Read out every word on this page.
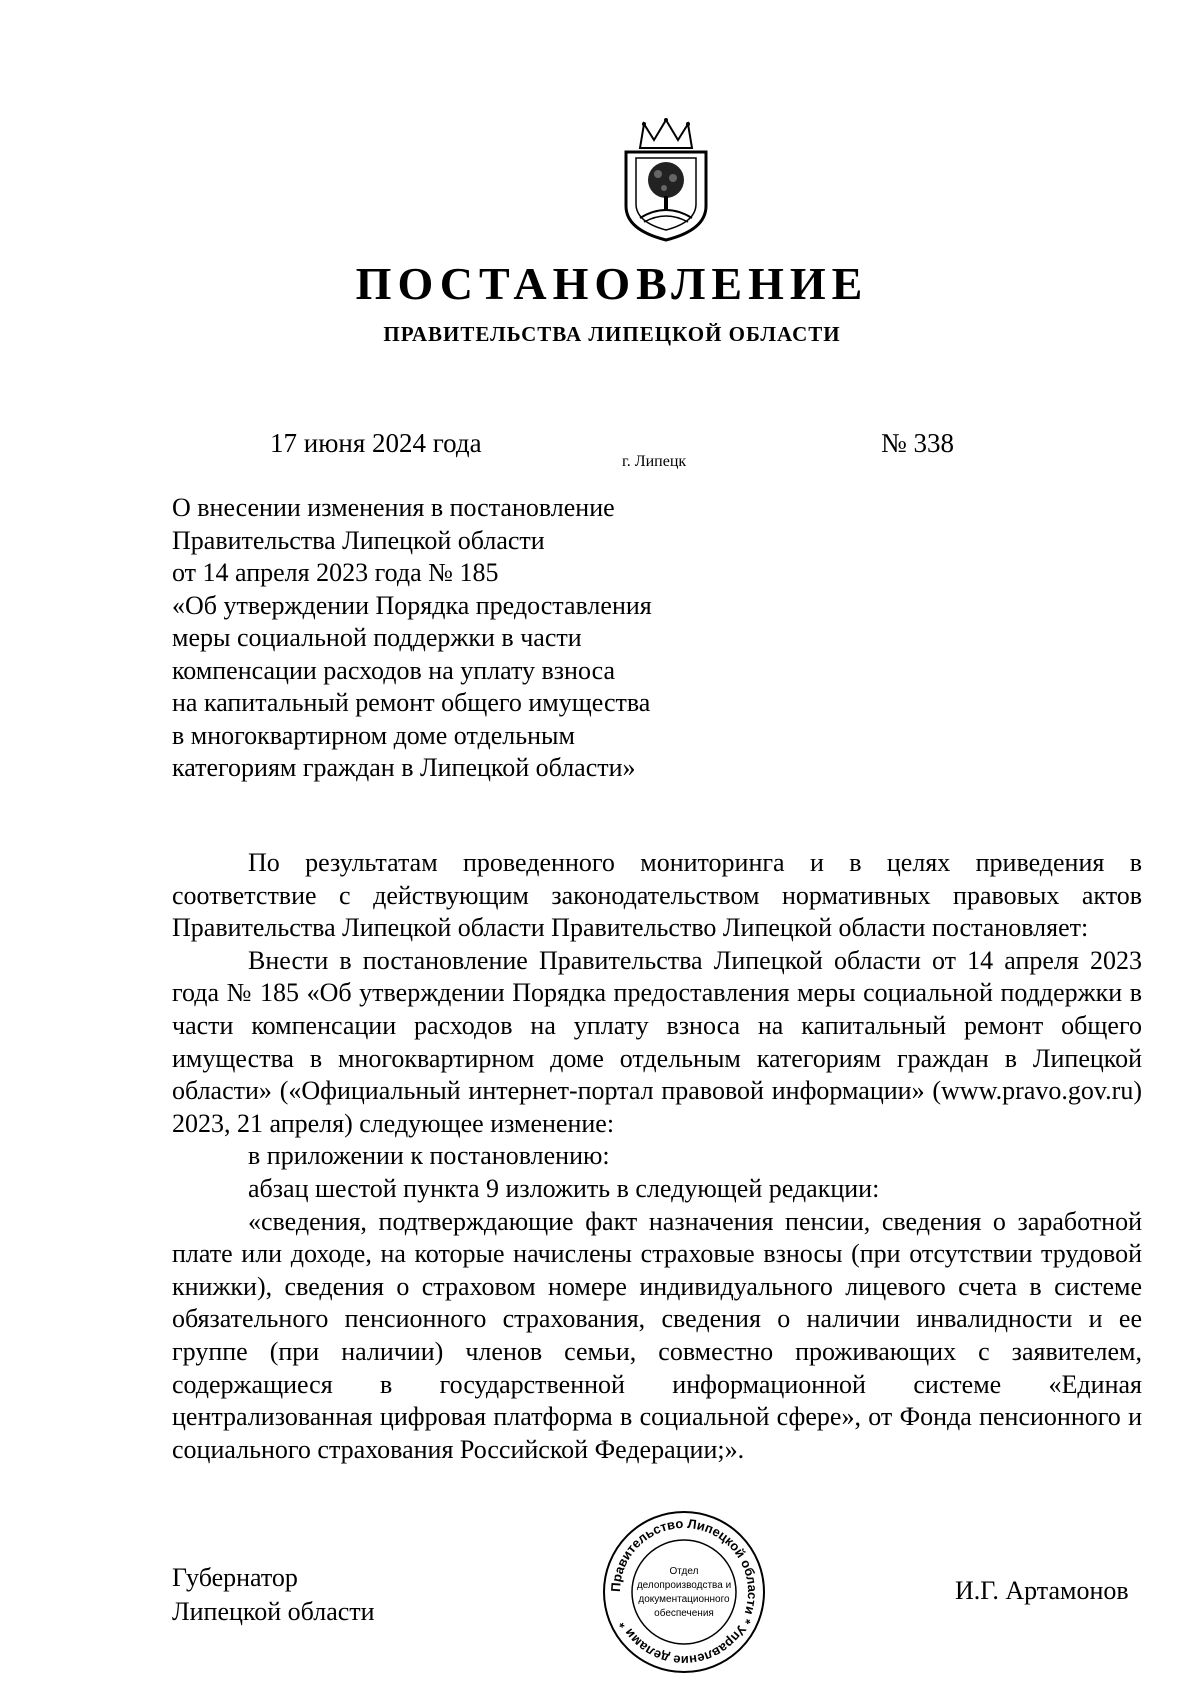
ПОСТАНОВЛЕНИЕ
ПРАВИТЕЛЬСТВА ЛИПЕЦКОЙ ОБЛАСТИ
17 июня 2024 года
г. Липецк
№ 338
О внесении изменения в постановление
Правительства Липецкой области
от 14 апреля 2023 года № 185
«Об утверждении Порядка предоставления
меры социальной поддержки в части
компенсации расходов на уплату взноса
на капитальный ремонт общего имущества
в многоквартирном доме отдельным
категориям граждан в Липецкой области»

По результатам проведенного мониторинга и в целях приведения в соответствие с действующим законодательством нормативных правовых актов Правительства Липецкой области Правительство Липецкой области постановляет:

Внести в постановление Правительства Липецкой области от 14 апреля 2023 года № 185 «Об утверждении Порядка предоставления меры социальной поддержки в части компенсации расходов на уплату взноса на капитальный ремонт общего имущества в многоквартирном доме отдельным категориям граждан в Липецкой области» («Официальный интернет-портал правовой информации» (www.pravo.gov.ru) 2023, 21 апреля) следующее изменение:

в приложении к постановлению:

абзац шестой пункта 9 изложить в следующей редакции:

«сведения, подтверждающие факт назначения пенсии, сведения о заработной плате или доходе, на которые начислены страховые взносы (при отсутствии трудовой книжки), сведения о страховом номере индивидуального лицевого счета в системе обязательного пенсионного страхования, сведения о наличии инвалидности и ее группе (при наличии) членов семьи, совместно проживающих с заявителем, содержащиеся в государственной информационной системе «Единая централизованная цифровая платформа в социальной сфере», от Фонда пенсионного и социального страхования Российской Федерации;».

Губернатор
Липецкой области
Правительство Липецкой области * Управление делами *
Отдел
делопроизводства и
документационного
обеспечения
И.Г. Артамонов
